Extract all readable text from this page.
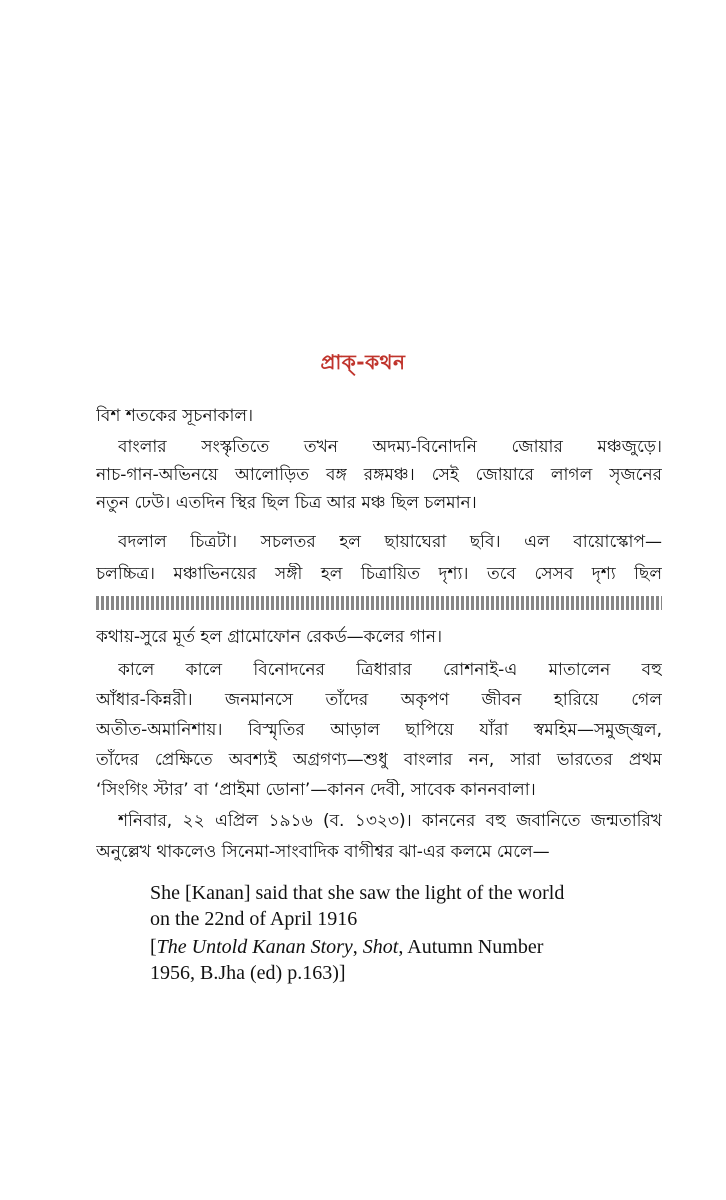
প্রাক্-কথন
বিশ শতকের সূচনাকাল।
বাংলার সংস্কৃতিতে তখন অদম্য-বিনোদনি জোয়ার মঞ্চজুড়ে।
নাচ-গান-অভিনয়ে আলোড়িত বঙ্গ রঙ্গমঞ্চ। সেই জোয়ারে লাগল সৃজনের
নতুন ঢেউ। এতদিন স্থির ছিল চিত্র আর মঞ্চ ছিল চলমান।
বদলাল চিত্রটা। সচলতর হল ছায়াঘেরা ছবি। এল বায়োস্কোপ—
চলচ্চিত্র। মঞ্চাভিনয়ের সঙ্গী হল চিত্রায়িত দৃশ্য। তবে সেসব দৃশ্য ছিল
কথায়-সুরে মূর্ত হল গ্রামোফোন রেকর্ড—কলের গান।
কালে কালে বিনোদনের ত্রিধারার রোশনাই-এ মাতালেন বহু
আঁধার-কিন্নরী। জনমানসে তাঁদের অকৃপণ জীবন হারিয়ে গেল
অতীত-অমানিশায়। বিস্মৃতির আড়াল ছাপিয়ে যাঁরা স্বমহিম—সমুজ্জ্বল,
তাঁদের প্রেক্ষিতে অবশ্যই অগ্রগণ্য—শুধু বাংলার নন, সারা ভারতের প্রথম
‘সিংগিং স্টার’ বা ‘প্রাইমা ডোনা’—কানন দেবী, সাবেক কাননবালা।
শনিবার, ২২ এপ্রিল ১৯১৬ (ব. ১৩২৩)। কাননের বহু জবানিতে জন্মতারিখ
অনুল্লেখ থাকলেও সিনেমা-সাংবাদিক বাগীশ্বর ঝা-এর কলমে মেলে—
She [Kanan] said that she saw the light of the world
on the 22nd of April 1916
[The Untold Kanan Story, Shot, Autumn Number
1956, B.Jha (ed) p.163)]
